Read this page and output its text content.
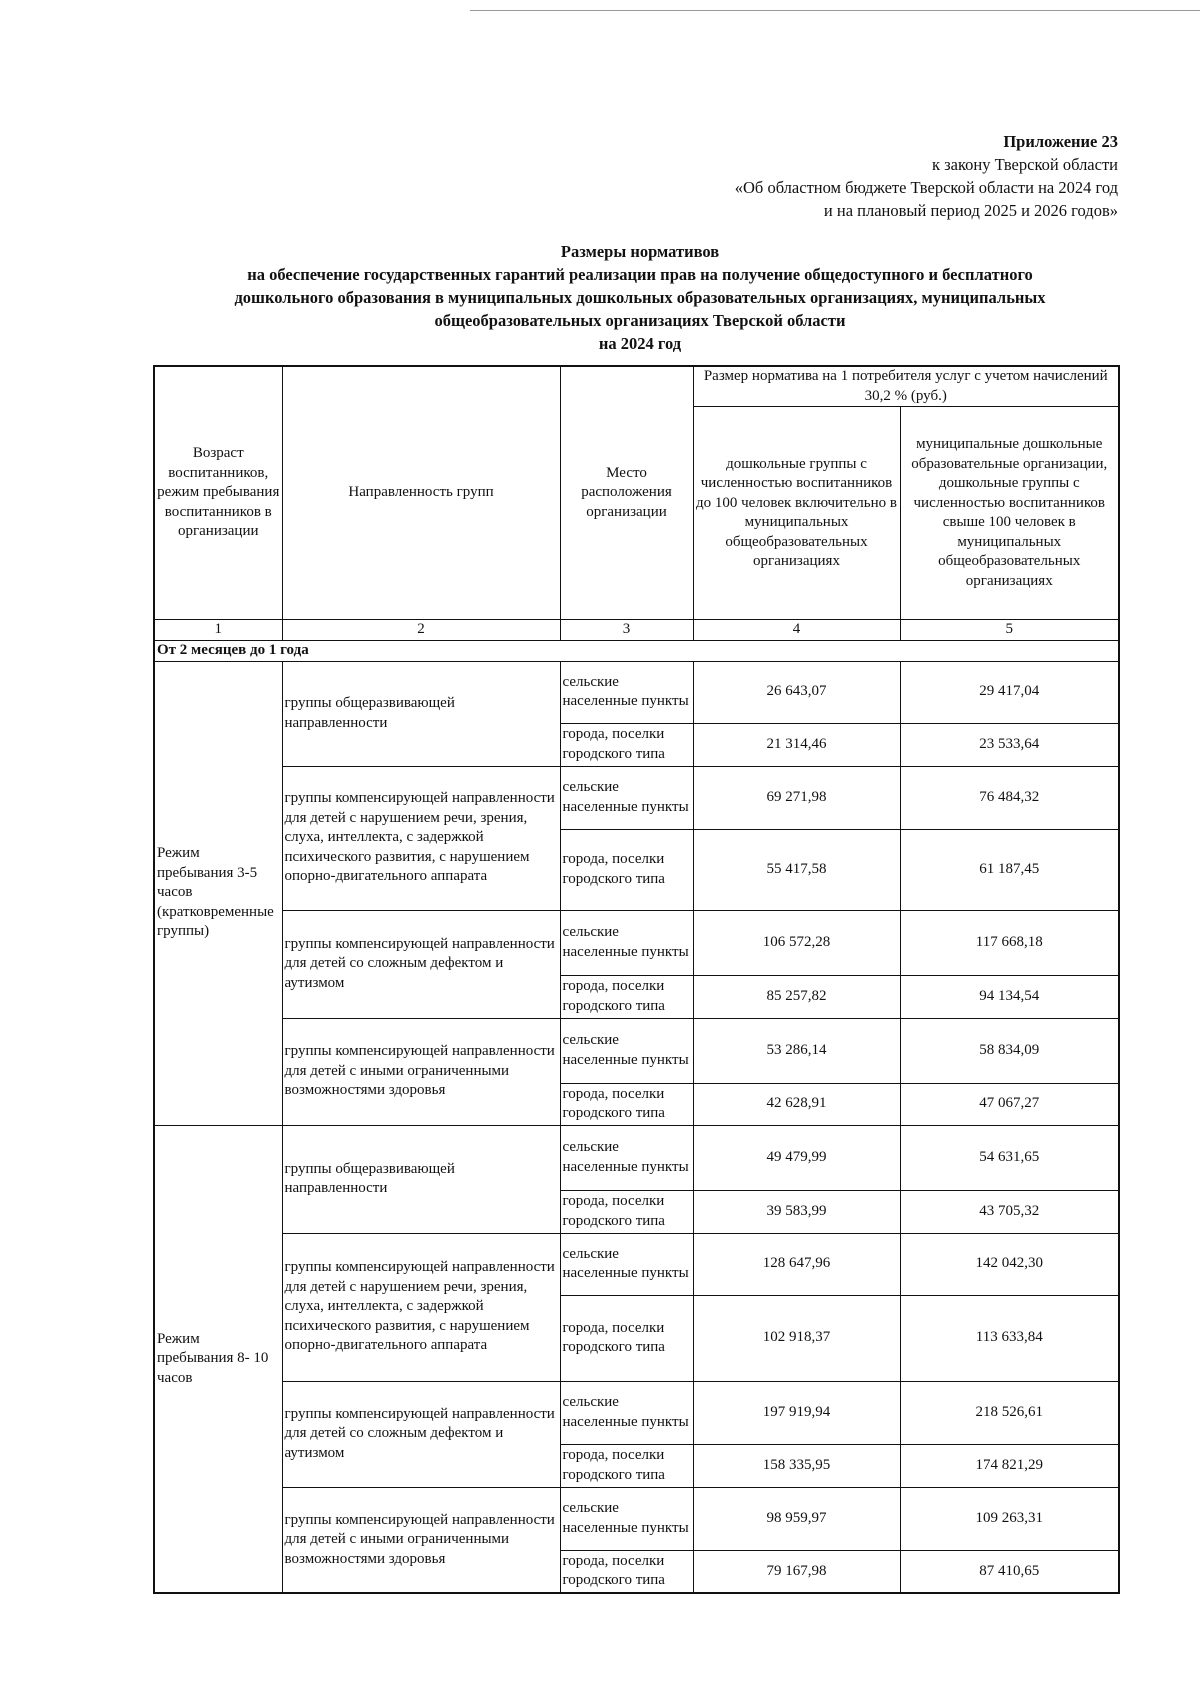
Приложение 23
к закону Тверской области
«Об областном бюджете Тверской области на 2024 год
и на плановый период 2025 и 2026 годов»
Размеры нормативов
на обеспечение государственных гарантий реализации прав на получение общедоступного и бесплатного
дошкольного образования в муниципальных дошкольных образовательных организациях, муниципальных
общеобразовательных организациях Тверской области
на 2024 год
Возраст воспитанников, режим пребывания воспитанников в организации	Направленность групп	Место расположения организации	Размер норматива на 1 потребителя услуг с учетом начислений 30,2 % (руб.)	
			дошкольные группы с численностью воспитанников до 100 человек включительно в муниципальных общеобразовательных организациях	муниципальные дошкольные образовательные организации, дошкольные группы с численностью воспитанников свыше 100 человек в муниципальных общеобразовательных организациях
1	2	3	4	5
От 2 месяцев до 1 года				
Режим пребывания 3-5 часов (кратковременные группы)	группы общеразвивающей направленности	сельские населенные пункты	26 643,07	29 417,04
		города, поселки городского типа	21 314,46	23 533,64
	группы компенсирующей направленности для детей с нарушением речи, зрения, слуха, интеллекта, с задержкой психического развития, с нарушением опорно-двигательного аппарата	сельские населенные пункты	69 271,98	76 484,32
		города, поселки городского типа	55 417,58	61 187,45
	группы компенсирующей направленности для детей со сложным дефектом и аутизмом	сельские населенные пункты	106 572,28	117 668,18
		города, поселки городского типа	85 257,82	94 134,54
	группы компенсирующей направленности для детей с иными ограниченными возможностями здоровья	сельские населенные пункты	53 286,14	58 834,09
		города, поселки городского типа	42 628,91	47 067,27
Режим пребывания 8- 10 часов	группы общеразвивающей направленности	сельские населенные пункты	49 479,99	54 631,65
		города, поселки городского типа	39 583,99	43 705,32
	группы компенсирующей направленности для детей с нарушением речи, зрения, слуха, интеллекта, с задержкой психического развития, с нарушением опорно-двигательного аппарата	сельские населенные пункты	128 647,96	142 042,30
		города, поселки городского типа	102 918,37	113 633,84
	группы компенсирующей направленности для детей со сложным дефектом и аутизмом	сельские населенные пункты	197 919,94	218 526,61
		города, поселки городского типа	158 335,95	174 821,29
	группы компенсирующей направленности для детей с иными ограниченными возможностями здоровья	сельские населенные пункты	98 959,97	109 263,31
		города, поселки городского типа	79 167,98	87 410,65
